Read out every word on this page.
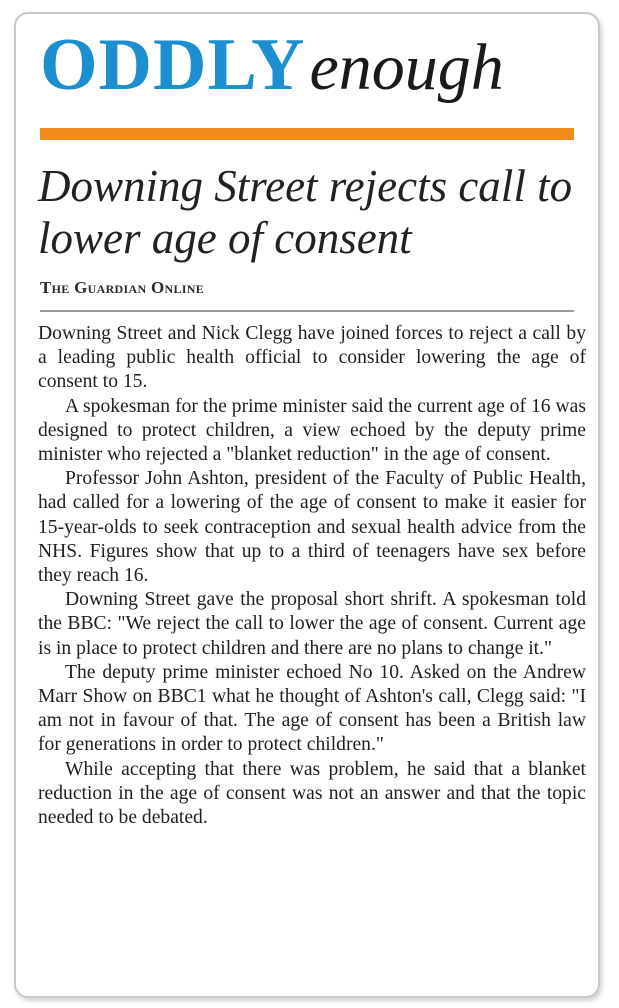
ODDLYenough
Downing Street rejects call to lower age of consent
The Guardian Online

Downing Street and Nick Clegg have joined forces to reject a call by a leading public health official to consider lowering the age of consent to 15.

A spokesman for the prime minister said the current age of 16 was designed to protect children, a view echoed by the deputy prime minister who rejected a "blanket reduction" in the age of consent.

Professor John Ashton, president of the Faculty of Public Health, had called for a lowering of the age of consent to make it easier for 15-year-olds to seek contraception and sexual health advice from the NHS. Figures show that up to a third of teenagers have sex before they reach 16.

Downing Street gave the proposal short shrift. A spokesman told the BBC: "We reject the call to lower the age of consent. Current age is in place to protect children and there are no plans to change it."

The deputy prime minister echoed No 10. Asked on the Andrew Marr Show on BBC1 what he thought of Ashton's call, Clegg said: "I am not in favour of that. The age of consent has been a British law for generations in order to protect children."

While accepting that there was problem, he said that a blanket reduction in the age of consent was not an answer and that the topic needed to be debated.
